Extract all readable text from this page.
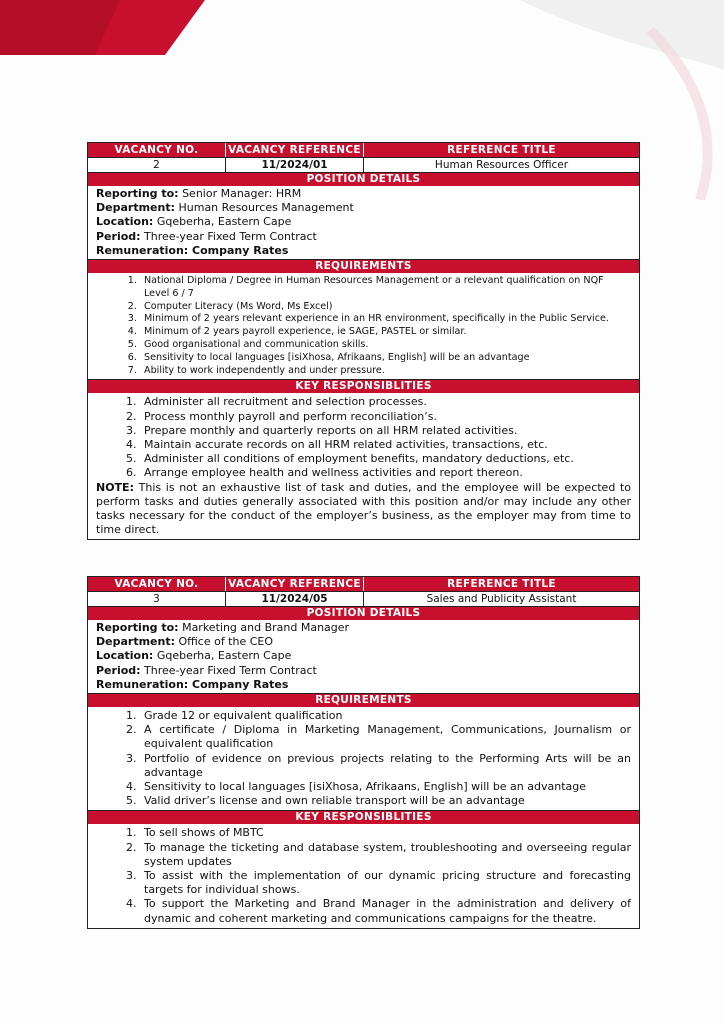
VACANCY NO.	VACANCY REFERENCE	REFERENCE TITLE
2	11/2024/01	Human Resources Officer
POSITION DETAILS
Reporting to: Senior Manager: HRM
Department: Human Resources Management
Location: Gqeberha, Eastern Cape
Period: Three-year Fixed Term Contract
Remuneration: Company Rates
REQUIREMENTS
1. National Diploma / Degree in Human Resources Management or a relevant qualification on NQF Level 6 / 7
2. Computer Literacy (Ms Word, Ms Excel)
3. Minimum of 2 years relevant experience in an HR environment, specifically in the Public Service.
4. Minimum of 2 years payroll experience, ie SAGE, PASTEL or similar.
5. Good organisational and communication skills.
6. Sensitivity to local languages [isiXhosa, Afrikaans, English] will be an advantage
7. Ability to work independently and under pressure.
KEY RESPONSIBLITIES
1. Administer all recruitment and selection processes.
2. Process monthly payroll and perform reconciliation’s.
3. Prepare monthly and quarterly reports on all HRM related activities.
4. Maintain accurate records on all HRM related activities, transactions, etc.
5. Administer all conditions of employment benefits, mandatory deductions, etc.
6. Arrange employee health and wellness activities and report thereon.
NOTE: This is not an exhaustive list of task and duties, and the employee will be expected to perform tasks and duties generally associated with this position and/or may include any other tasks necessary for the conduct of the employer’s business, as the employer may from time to time direct.
VACANCY NO.	VACANCY REFERENCE	REFERENCE TITLE
3	11/2024/05	Sales and Publicity Assistant
POSITION DETAILS
Reporting to: Marketing and Brand Manager
Department: Office of the CEO
Location: Gqeberha, Eastern Cape
Period: Three-year Fixed Term Contract
Remuneration: Company Rates
REQUIREMENTS
1. Grade 12 or equivalent qualification
2. A certificate / Diploma in Marketing Management, Communications, Journalism or equivalent qualification
3. Portfolio of evidence on previous projects relating to the Performing Arts will be an advantage
4. Sensitivity to local languages [isiXhosa, Afrikaans, English] will be an advantage
5. Valid driver’s license and own reliable transport will be an advantage
KEY RESPONSIBLITIES
1. To sell shows of MBTC
2. To manage the ticketing and database system, troubleshooting and overseeing regular system updates
3. To assist with the implementation of our dynamic pricing structure and forecasting targets for individual shows.
4. To support the Marketing and Brand Manager in the administration and delivery of dynamic and coherent marketing and communications campaigns for the theatre.
